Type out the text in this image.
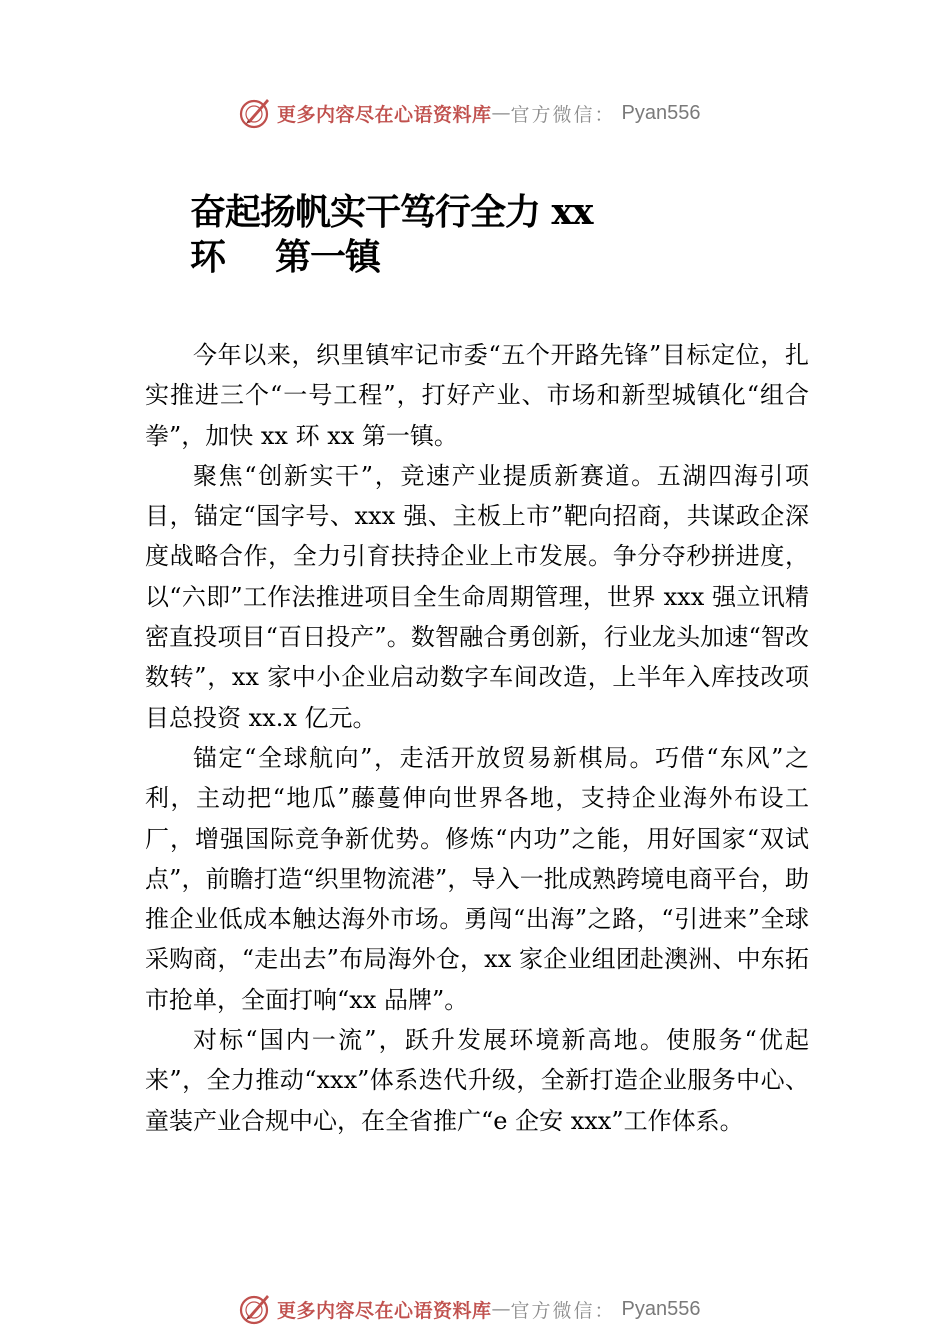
更多内容尽在心语资料库 — 官方微信： Pyan556
奋起扬帆实干笃行全力 xx
环 第一镇

今年以来，织里镇牢记市委“五个开路先锋”目标定位，扎实推进三个“一号工程”，打好产业、市场和新型城镇化“组合拳”，加快 xx 环 xx 第一镇。

聚焦“创新实干”，竞速产业提质新赛道。五湖四海引项目，锚定“国字号、xxx 强、主板上市”靶向招商，共谋政企深度战略合作，全力引育扶持企业上市发展。争分夺秒拼进度，以“六即”工作法推进项目全生命周期管理，世界 xxx 强立讯精密直投项目“百日投产”。数智融合勇创新，行业龙头加速“智改数转”，xx 家中小企业启动数字车间改造，上半年入库技改项目总投资 xx.x 亿元。

锚定“全球航向”，走活开放贸易新棋局。巧借“东风”之利，主动把“地瓜”藤蔓伸向世界各地，支持企业海外布设工厂，增强国际竞争新优势。修炼“内功”之能，用好国家“双试点”，前瞻打造“织里物流港”，导入一批成熟跨境电商平台，助推企业低成本触达海外市场。勇闯“出海”之路，“引进来”全球采购商，“走出去”布局海外仓，xx 家企业组团赴澳洲、中东拓市抢单，全面打响“xx 品牌”。

对标“国内一流”，跃升发展环境新高地。使服务“优起来”，全力推动“xxx”体系迭代升级，全新打造企业服务中心、童装产业合规中心，在全省推广“e 企安 xxx”工作体系。

更多内容尽在心语资料库 — 官方微信： Pyan556
